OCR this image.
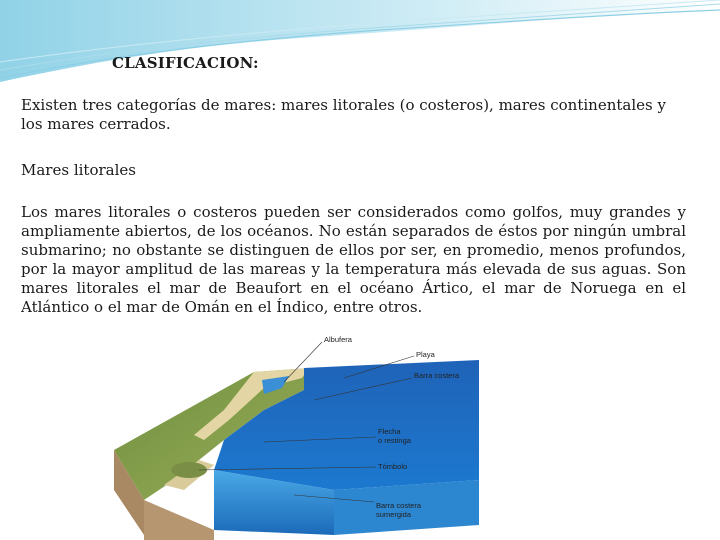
CLASIFICACION:

Existen tres categorías de mares: mares litorales (o costeros), mares continentales y los mares cerrados.

Mares litorales

Los mares litorales o costeros pueden ser considerados como golfos, muy grandes y ampliamente abiertos, de los océanos. No están separados de éstos por ningún umbral submarino; no obstante se distinguen de ellos por ser, en promedio, menos profundos, por la mayor amplitud de las mareas y la temperatura más elevada de sus aguas. Son mares litorales el mar de Beaufort en el océano Ártico, el mar de Noruega en el Atlántico o el mar de Omán en el Índico, entre otros.

Albufera
Playa
Barra costera
Flecha
o restinga
Tómbolo
Barra costera
sumergida
